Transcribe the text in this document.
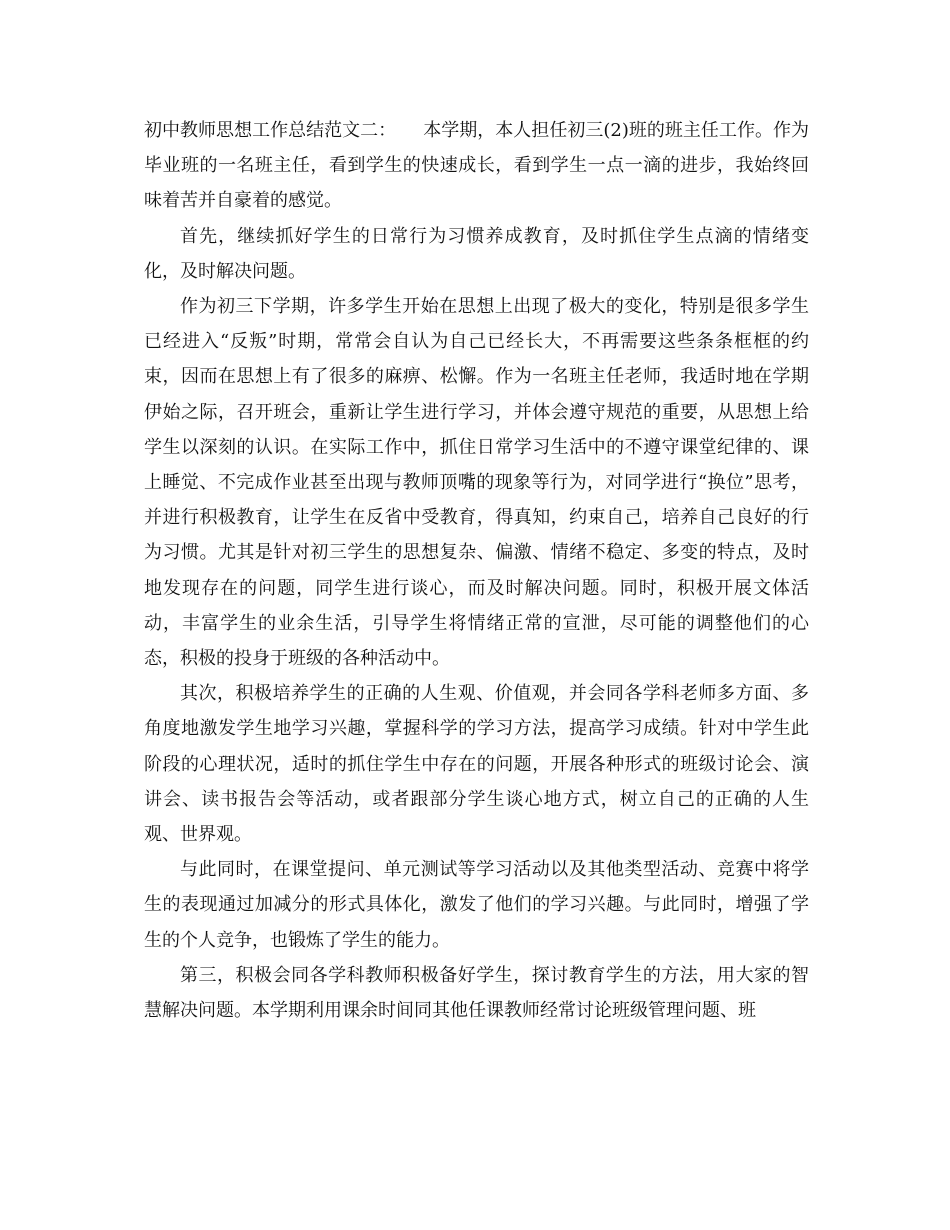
初中教师思想工作总结范文二：　　本学期，本人担任初三(2)班的班主任工作。作为毕业班的一名班主任，看到学生的快速成长，看到学生一点一滴的进步，我始终回味着苦并自豪着的感觉。

首先，继续抓好学生的日常行为习惯养成教育，及时抓住学生点滴的情绪变化，及时解决问题。

作为初三下学期，许多学生开始在思想上出现了极大的变化，特别是很多学生已经进入“反叛”时期，常常会自认为自己已经长大，不再需要这些条条框框的约束，因而在思想上有了很多的麻痹、松懈。作为一名班主任老师，我适时地在学期伊始之际，召开班会，重新让学生进行学习，并体会遵守规范的重要，从思想上给学生以深刻的认识。在实际工作中，抓住日常学习生活中的不遵守课堂纪律的、课上睡觉、不完成作业甚至出现与教师顶嘴的现象等行为，对同学进行“换位”思考，并进行积极教育，让学生在反省中受教育，得真知，约束自己，培养自己良好的行为习惯。尤其是针对初三学生的思想复杂、偏激、情绪不稳定、多变的特点，及时地发现存在的问题，同学生进行谈心，而及时解决问题。同时，积极开展文体活动，丰富学生的业余生活，引导学生将情绪正常的宣泄，尽可能的调整他们的心态，积极的投身于班级的各种活动中。

其次，积极培养学生的正确的人生观、价值观，并会同各学科老师多方面、多角度地激发学生地学习兴趣，掌握科学的学习方法，提高学习成绩。针对中学生此阶段的心理状况，适时的抓住学生中存在的问题，开展各种形式的班级讨论会、演讲会、读书报告会等活动，或者跟部分学生谈心地方式，树立自己的正确的人生观、世界观。

与此同时，在课堂提问、单元测试等学习活动以及其他类型活动、竞赛中将学生的表现通过加减分的形式具体化，激发了他们的学习兴趣。与此同时，增强了学生的个人竞争，也锻炼了学生的能力。

第三，积极会同各学科教师积极备好学生，探讨教育学生的方法，用大家的智慧解决问题。本学期利用课余时间同其他任课教师经常讨论班级管理问题、班
